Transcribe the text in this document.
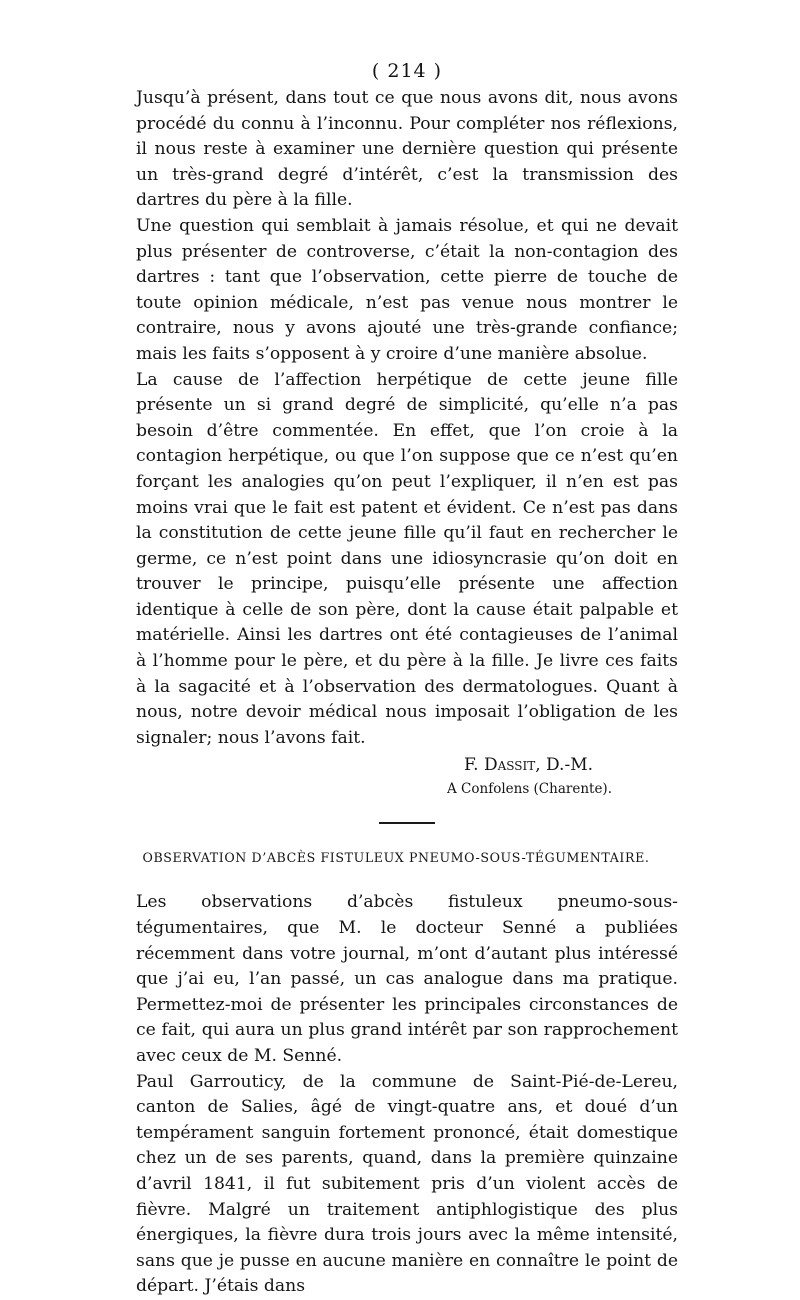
( 214 )

Jusqu’à présent, dans tout ce que nous avons dit, nous avons procédé du connu à l’inconnu. Pour compléter nos réflexions, il nous reste à examiner une dernière question qui présente un très-grand degré d’intérêt, c’est la transmission des dartres du père à la fille.

Une question qui semblait à jamais résolue, et qui ne devait plus présenter de controverse, c’était la non-contagion des dartres : tant que l’observation, cette pierre de touche de toute opinion médicale, n’est pas venue nous montrer le contraire, nous y avons ajouté une très-grande confiance; mais les faits s’opposent à y croire d’une manière absolue.

La cause de l’affection herpétique de cette jeune fille présente un si grand degré de simplicité, qu’elle n’a pas besoin d’être commentée. En effet, que l’on croie à la contagion herpétique, ou que l’on suppose que ce n’est qu’en forçant les analogies qu’on peut l’expliquer, il n’en est pas moins vrai que le fait est patent et évident. Ce n’est pas dans la constitution de cette jeune fille qu’il faut en rechercher le germe, ce n’est point dans une idiosyncrasie qu’on doit en trouver le principe, puisqu’elle présente une affection identique à celle de son père, dont la cause était palpable et matérielle. Ainsi les dartres ont été contagieuses de l’animal à l’homme pour le père, et du père à la fille. Je livre ces faits à la sagacité et à l’observation des dermatologues. Quant à nous, notre devoir médical nous imposait l’obligation de les signaler; nous l’avons fait.

F. Dassit, D.-M.
A Confolens (Charente).
OBSERVATION D’ABCÈS FISTULEUX PNEUMO-SOUS-TÉGUMENTAIRE.

Les observations d’abcès fistuleux pneumo-sous-tégumentaires, que M. le docteur Senné a publiées récemment dans votre journal, m’ont d’autant plus intéressé que j’ai eu, l’an passé, un cas analogue dans ma pratique. Permettez-moi de présenter les principales circonstances de ce fait, qui aura un plus grand intérêt par son rapprochement avec ceux de M. Senné.

Paul Garrouticy, de la commune de Saint-Pié-de-Lereu, canton de Salies, âgé de vingt-quatre ans, et doué d’un tempérament sanguin fortement prononcé, était domestique chez un de ses parents, quand, dans la première quinzaine d’avril 1841, il fut subitement pris d’un violent accès de fièvre. Malgré un traitement antiphlogistique des plus énergiques, la fièvre dura trois jours avec la même intensité, sans que je pusse en aucune manière en connaître le point de départ. J’étais dans
